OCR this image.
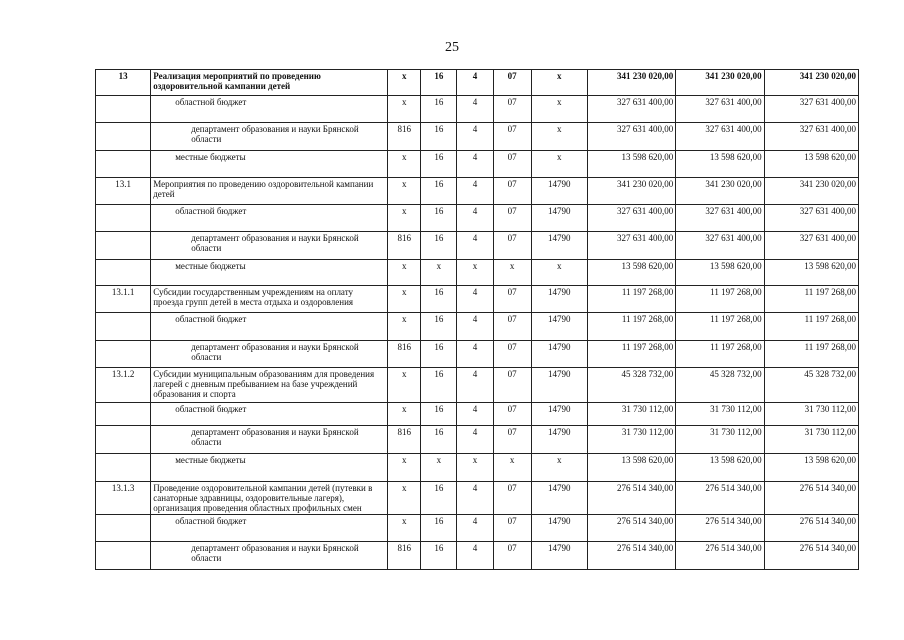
25
13	Реализация мероприятий по проведению оздоровительной кампании детей	х	16	4	07	х	341 230 020,00	341 230 020,00	341 230 020,00

	областной бюджет	х	16	4	07	х	327 631 400,00	327 631 400,00	327 631 400,00

	департамент образования и науки Брянской области	816	16	4	07	х	327 631 400,00	327 631 400,00	327 631 400,00

	местные бюджеты	х	16	4	07	х	13 598 620,00	13 598 620,00	13 598 620,00
13.1	Мероприятия по проведению оздоровительной кампании детей	х	16	4	07	14790	341 230 020,00	341 230 020,00	341 230 020,00

	областной бюджет	х	16	4	07	14790	327 631 400,00	327 631 400,00	327 631 400,00

	департамент образования и науки Брянской области	816	16	4	07	14790	327 631 400,00	327 631 400,00	327 631 400,00

	местные бюджеты	х	х	х	х	х	13 598 620,00	13 598 620,00	13 598 620,00
13.1.1	Субсидии государственным учреждениям на оплату проезда групп детей в места отдыха и оздоровления	х	16	4	07	14790	11 197 268,00	11 197 268,00	11 197 268,00

	областной бюджет	х	16	4	07	14790	11 197 268,00	11 197 268,00	11 197 268,00

	департамент образования и науки Брянской области	816	16	4	07	14790	11 197 268,00	11 197 268,00	11 197 268,00
13.1.2	Субсидии муниципальным образованиям для проведения лагерей с дневным пребыванием на базе учреждений образования и спорта	х	16	4	07	14790	45 328 732,00	45 328 732,00	45 328 732,00

	областной бюджет	х	16	4	07	14790	31 730 112,00	31 730 112,00	31 730 112,00

	департамент образования и науки Брянской области	816	16	4	07	14790	31 730 112,00	31 730 112,00	31 730 112,00

	местные бюджеты	х	х	х	х	х	13 598 620,00	13 598 620,00	13 598 620,00
13.1.3	Проведение оздоровительной кампании детей (путевки в санаторные здравницы, оздоровительные лагеря), организация проведения областных профильных смен	х	16	4	07	14790	276 514 340,00	276 514 340,00	276 514 340,00

	областной бюджет	х	16	4	07	14790	276 514 340,00	276 514 340,00	276 514 340,00

	департамент образования и науки Брянской области	816	16	4	07	14790	276 514 340,00	276 514 340,00	276 514 340,00
